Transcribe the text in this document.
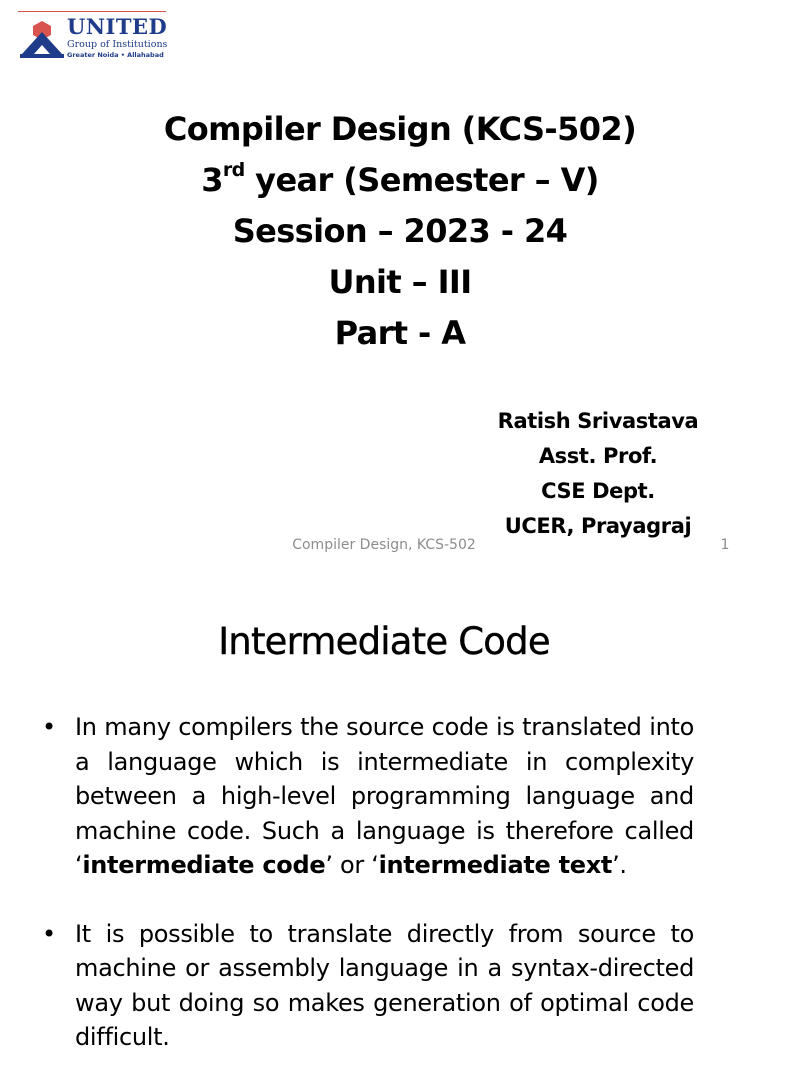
UNITED
Group of Institutions
Greater Noida • Allahabad
Compiler Design (KCS-502)
3rd year (Semester – V)
Session – 2023 - 24
Unit – III
Part - A
Ratish Srivastava
Asst. Prof.
CSE Dept.
UCER, Prayagraj
Compiler Design, KCS-502	1
Intermediate Code
• In many compilers the source code is translated into a language which is intermediate in complexity between a high-level programming language and machine code. Such a language is therefore called ‘intermediate code’ or ‘intermediate text’.
• It is possible to translate directly from source to machine or assembly language in a syntax-directed way but doing so makes generation of optimal code difficult.
